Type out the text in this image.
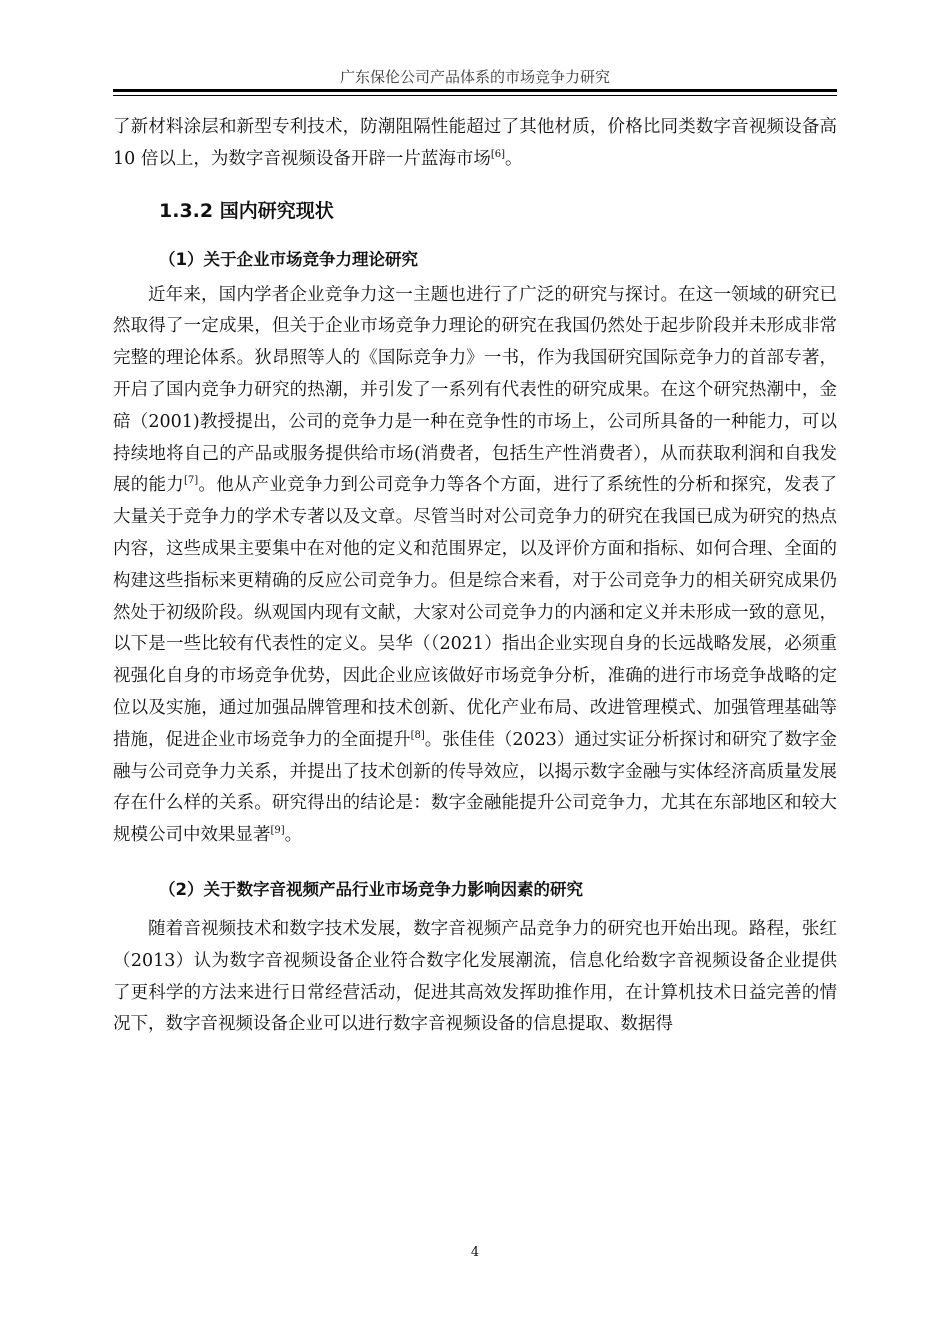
广东保伦公司产品体系的市场竞争力研究

了新材料涂层和新型专利技术，防潮阻隔性能超过了其他材质，价格比同类数字音视频设备高 10 倍以上，为数字音视频设备开辟一片蓝海市场[6]。

1.3.2 国内研究现状
（1）关于企业市场竞争力理论研究

近年来，国内学者企业竞争力这一主题也进行了广泛的研究与探讨。在这一领域的研究已然取得了一定成果，但关于企业市场竞争力理论的研究在我国仍然处于起步阶段并未形成非常完整的理论体系。狄昂照等人的《国际竞争力》一书，作为我国研究国际竞争力的首部专著，开启了国内竞争力研究的热潮，并引发了一系列有代表性的研究成果。在这个研究热潮中，金碚（2001)教授提出，公司的竞争力是一种在竞争性的市场上，公司所具备的一种能力，可以持续地将自己的产品或服务提供给市场(消费者，包括生产性消费者），从而获取利润和自我发展的能力[7]。他从产业竞争力到公司竞争力等各个方面，进行了系统性的分析和探究，发表了大量关于竞争力的学术专著以及文章。尽管当时对公司竞争力的研究在我国已成为研究的热点内容，这些成果主要集中在对他的定义和范围界定，以及评价方面和指标、如何合理、全面的构建这些指标来更精确的反应公司竞争力。但是综合来看，对于公司竞争力的相关研究成果仍然处于初级阶段。纵观国内现有文献，大家对公司竞争力的内涵和定义并未形成一致的意见，以下是一些比较有代表性的定义。吴华（（2021）指出企业实现自身的长远战略发展，必须重视强化自身的市场竞争优势，因此企业应该做好市场竞争分析，准确的进行市场竞争战略的定位以及实施，通过加强品牌管理和技术创新、优化产业布局、改进管理模式、加强管理基础等措施，促进企业市场竞争力的全面提升[8]。张佳佳（2023）通过实证分析探讨和研究了数字金融与公司竞争力关系，并提出了技术创新的传导效应，以揭示数字金融与实体经济高质量发展存在什么样的关系。研究得出的结论是：数字金融能提升公司竞争力，尤其在东部地区和较大规模公司中效果显著[9]。

（2）关于数字音视频产品行业市场竞争力影响因素的研究

随着音视频技术和数字技术发展，数字音视频产品竞争力的研究也开始出现。路程，张红（2013）认为数字音视频设备企业符合数字化发展潮流，信息化给数字音视频设备企业提供了更科学的方法来进行日常经营活动，促进其高效发挥助推作用，在计算机技术日益完善的情况下，数字音视频设备企业可以进行数字音视频设备的信息提取、数据得

4
